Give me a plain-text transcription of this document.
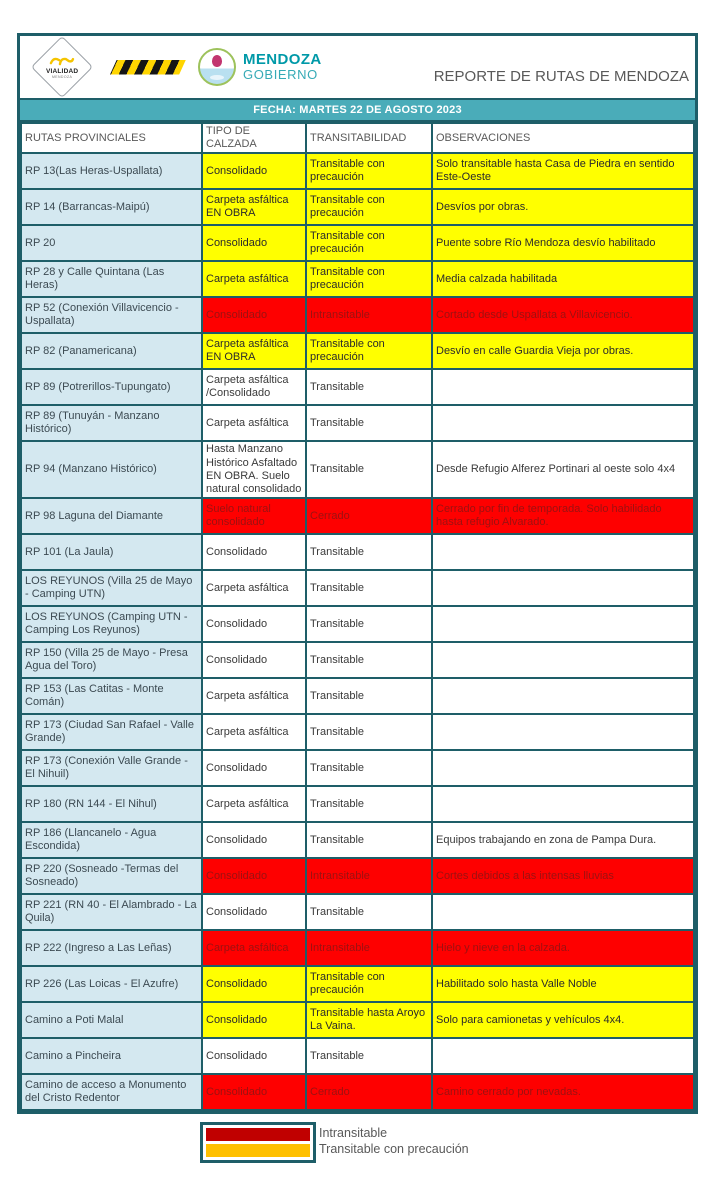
VIALIDAD
MENDOZA
MENDOZA
GOBIERNO	REPORTE DE RUTAS DE MENDOZA
FECHA: MARTES 22 DE AGOSTO 2023
RUTAS PROVINCIALES	TIPO DE CALZADA	TRANSITABILIDAD	OBSERVACIONES
RP 13(Las Heras-Uspallata)	Consolidado	Transitable con precaución	Solo transitable hasta Casa de Piedra en sentido Este-Oeste
RP 14 (Barrancas-Maipú)	Carpeta asfáltica EN OBRA	Transitable con precaución	Desvíos por obras.
RP 20	Consolidado	Transitable con precaución	Puente sobre Río Mendoza desvío habilitado
RP 28 y Calle Quintana (Las Heras)	Carpeta asfáltica	Transitable con precaución	Media calzada habilitada
RP 52 (Conexión Villavicencio - Uspallata)	Consolidado	Intransitable	Cortado desde Uspallata a Villavicencio.
RP 82 (Panamericana)	Carpeta asfáltica EN OBRA	Transitable con precaución	Desvío en calle Guardia Vieja por obras.
RP 89 (Potrerillos-Tupungato)	Carpeta asfáltica /Consolidado	Transitable	
RP 89 (Tunuyán - Manzano Histórico)	Carpeta asfáltica	Transitable	
RP 94 (Manzano Histórico)	Hasta Manzano Histórico Asfaltado EN OBRA. Suelo natural consolidado	Transitable	Desde Refugio Alferez Portinari al oeste solo 4x4
RP 98 Laguna del Diamante	Suelo natural consolidado	Cerrado	Cerrado por fin de temporada. Solo habilidado hasta refugio Alvarado.
RP 101 (La Jaula)	Consolidado	Transitable	
LOS REYUNOS (Villa 25 de Mayo - Camping UTN)	Carpeta asfáltica	Transitable	
LOS REYUNOS (Camping UTN - Camping Los Reyunos)	Consolidado	Transitable	
RP 150 (Villa 25 de Mayo - Presa Agua del Toro)	Consolidado	Transitable	
RP 153 (Las Catitas - Monte Comán)	Carpeta asfáltica	Transitable	
RP 173 (Ciudad San Rafael - Valle Grande)	Carpeta asfáltica	Transitable	
RP 173 (Conexión Valle Grande - El Nihuil)	Consolidado	Transitable	
RP 180 (RN 144 - El Nihul)	Carpeta asfáltica	Transitable	
RP 186 (Llancanelo - Agua Escondida)	Consolidado	Transitable	Equipos trabajando en zona de Pampa Dura.
RP 220 (Sosneado -Termas del Sosneado)	Consolidado	Intransitable	Cortes debidos a las intensas lluvias
RP 221 (RN 40 - El Alambrado - La Quila)	Consolidado	Transitable	
RP 222 (Ingreso a Las Leñas)	Carpeta asfáltica	Intransitable	Hielo y nieve en la calzada.
RP 226 (Las Loicas - El Azufre)	Consolidado	Transitable con precaución	Habilitado solo hasta Valle Noble
Camino a Poti Malal	Consolidado	Transitable hasta Aroyo La Vaina.	Solo para camionetas y vehículos 4x4.
Camino a Pincheira	Consolidado	Transitable	
Camino de acceso a Monumento del Cristo Redentor	Consolidado	Cerrado	Camino cerrado por nevadas.
Intransitable
Transitable con precaución
